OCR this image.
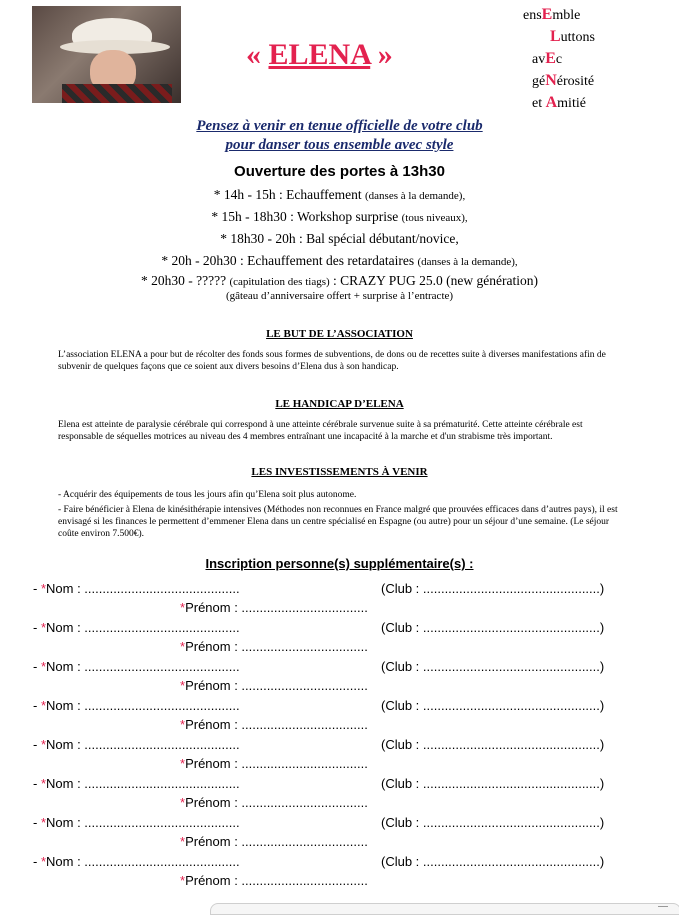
« ELENA »
ensEmble
Luttons
avEc
géNérosité
et Amitié
Pensez à venir en tenue officielle de votre club
pour danser tous ensemble avec style
Ouverture des portes à 13h30
* 14h - 15h : Echauffement (danses à la demande),
* 15h - 18h30 : Workshop surprise (tous niveaux),
* 18h30 - 20h : Bal spécial débutant/novice,
* 20h - 20h30 : Echauffement des retardataires (danses à la demande),
* 20h30 - ????? (capitulation des tiags) : CRAZY PUG 25.0 (new génération)
(gâteau d’anniversaire offert + surprise à l’entracte)
LE BUT DE L’ASSOCIATION
L’association ELENA a pour but de récolter des fonds sous formes de subventions, de dons ou de recettes suite à diverses manifestations afin de subvenir de quelques façons que ce soient aux divers besoins d’Elena dus à son handicap.
LE HANDICAP D’ELENA
Elena est atteinte de paralysie cérébrale qui correspond à une atteinte cérébrale survenue suite à sa prématurité. Cette atteinte cérébrale est responsable de séquelles motrices au niveau des 4 membres entraînant une incapacité à la marche et d'un strabisme très important.
LES INVESTISSEMENTS À VENIR
- Acquérir des équipements de tous les jours afin qu’Elena soit plus autonome.
- Faire bénéficier à Elena de kinésithérapie intensives (Méthodes non reconnues en France malgré que prouvées efficaces dans d’autres pays), il est envisagé si les finances le permettent d’emmener Elena dans un centre spécialisé en Espagne (ou autre) pour un séjour d’une semaine. (Le séjour coûte environ 7.500€).
Inscription personne(s) supplémentaire(s) :
- *Nom : ...........................................	(Club : .................................................)
*Prénom : ...................................
- *Nom : ...........................................	(Club : .................................................)
*Prénom : ...................................
- *Nom : ...........................................	(Club : .................................................)
*Prénom : ...................................
- *Nom : ...........................................	(Club : .................................................)
*Prénom : ...................................
- *Nom : ...........................................	(Club : .................................................)
*Prénom : ...................................
- *Nom : ...........................................	(Club : .................................................)
*Prénom : ...................................
- *Nom : ...........................................	(Club : .................................................)
*Prénom : ...................................
- *Nom : ...........................................	(Club : .................................................)
*Prénom : ...................................
